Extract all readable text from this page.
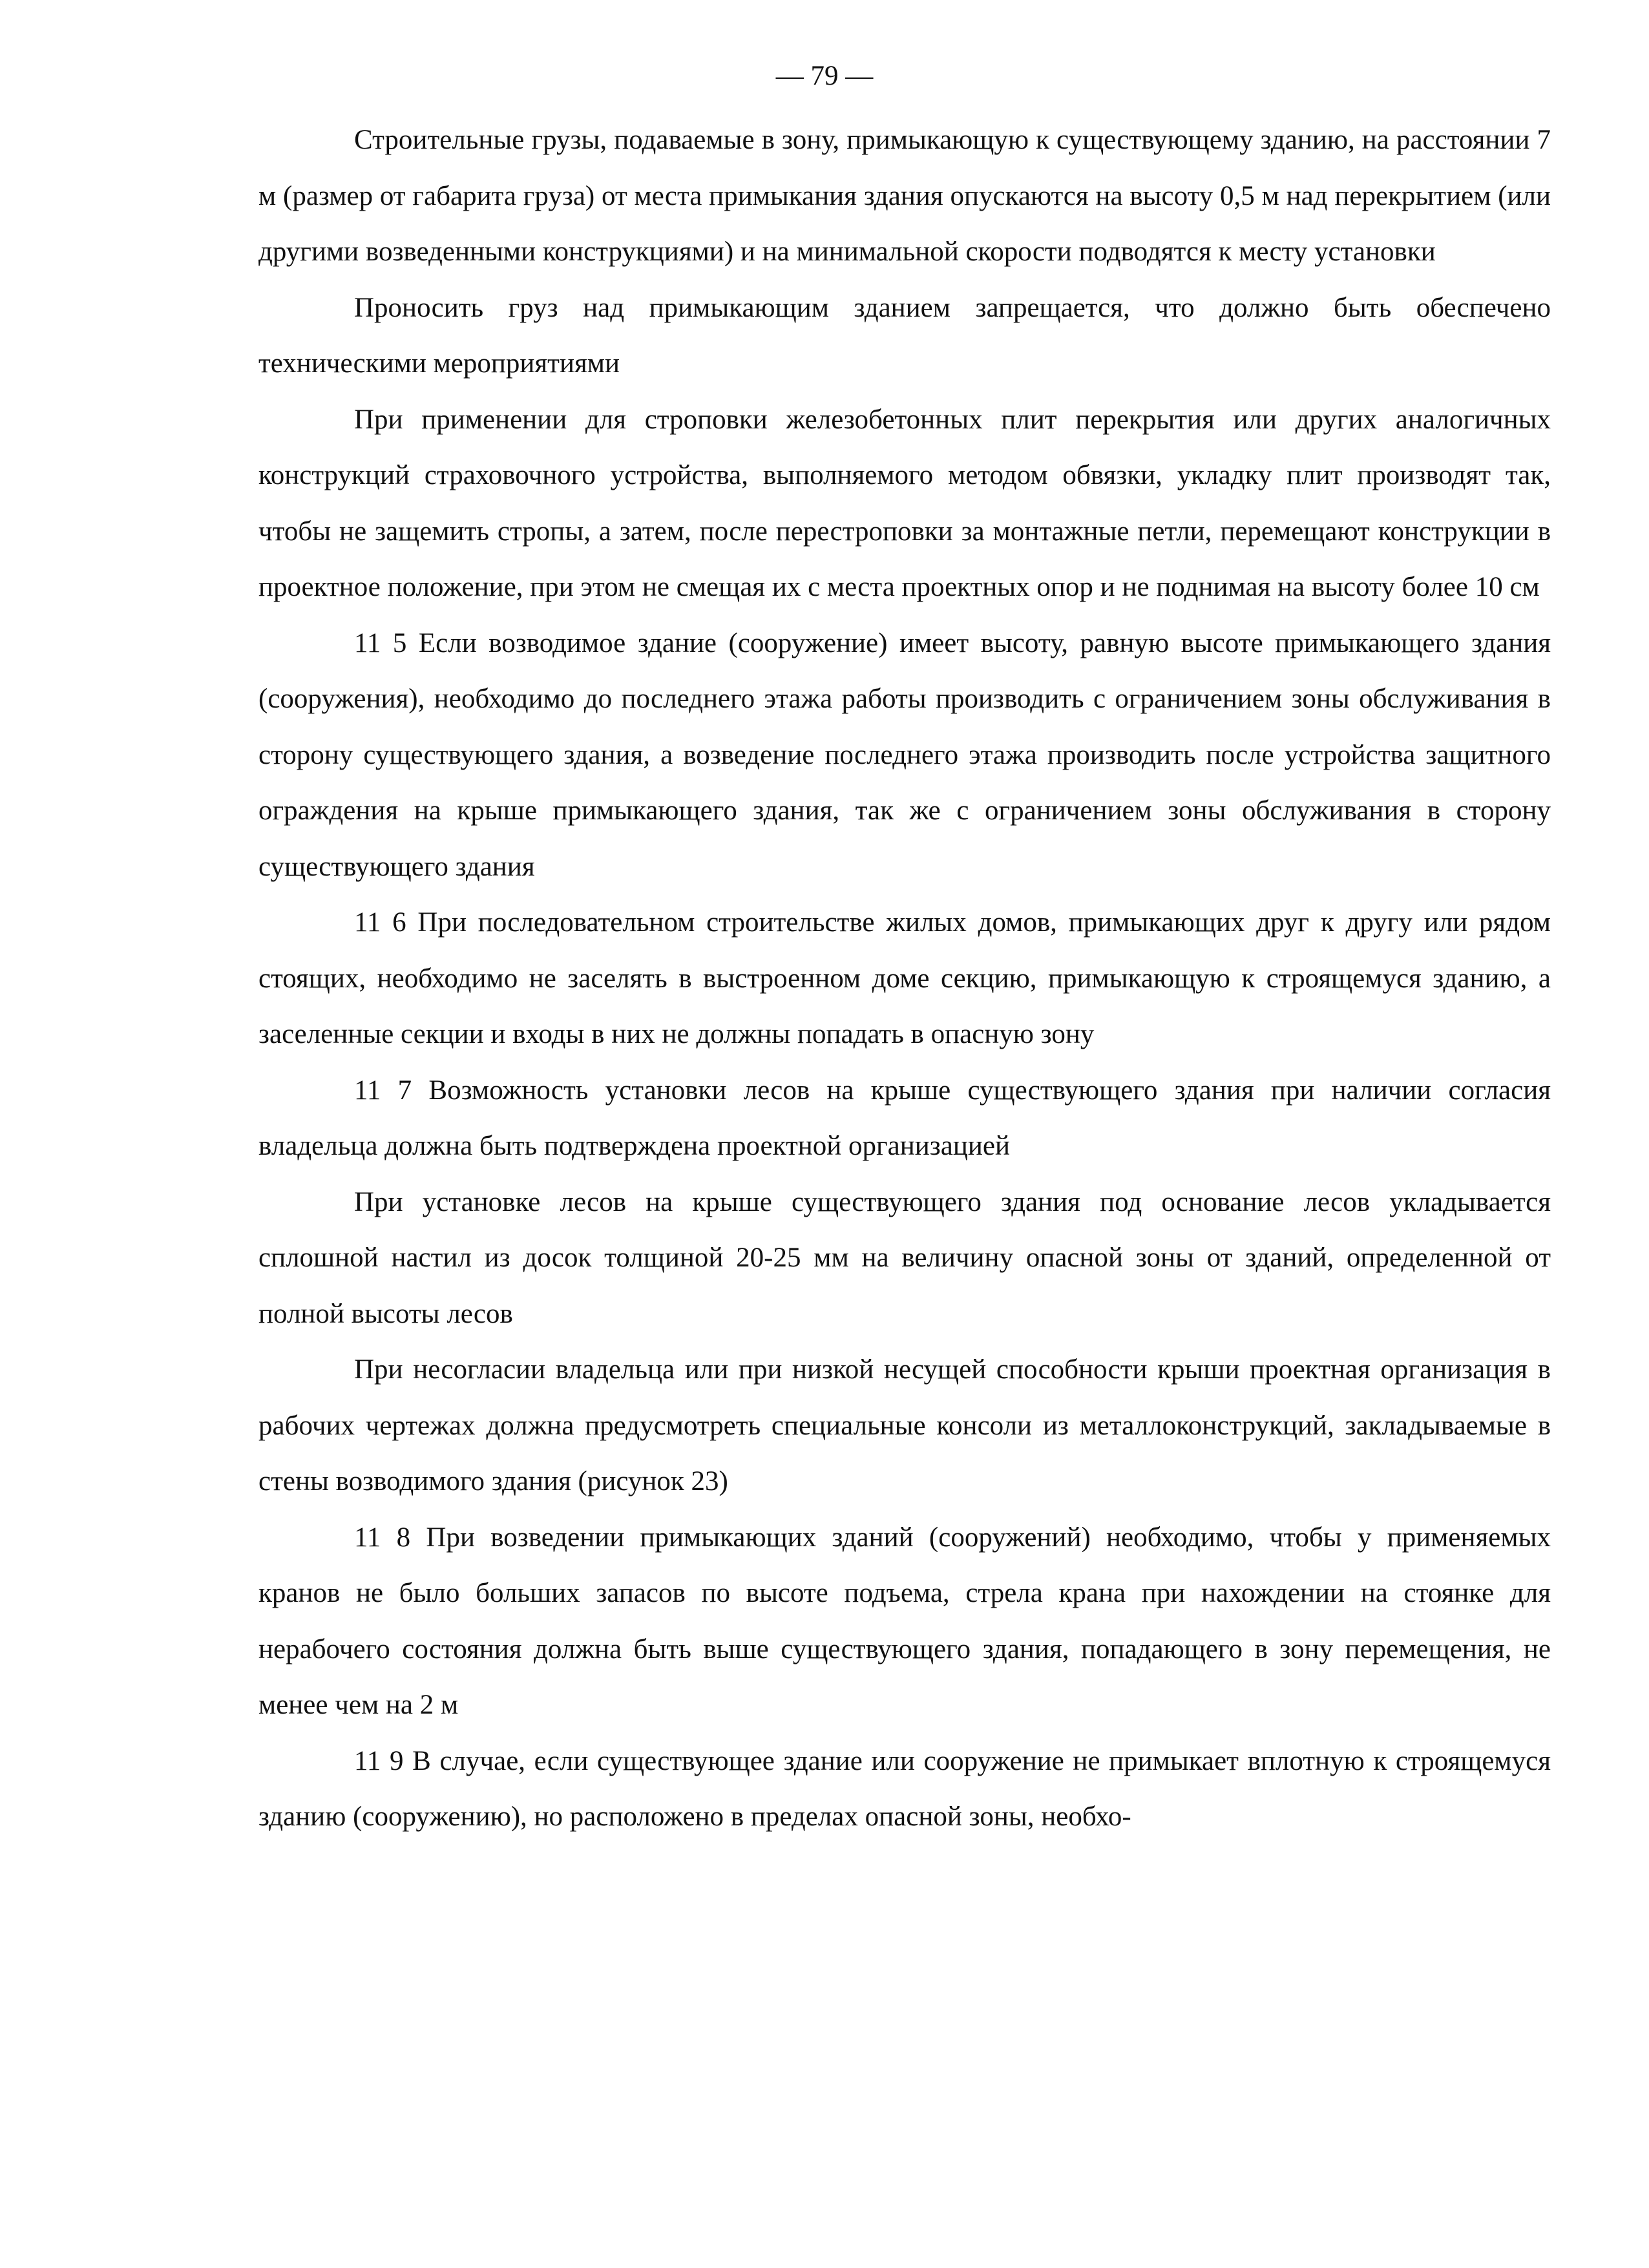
— 79 —

Строительные грузы, подаваемые в зону, примыкающую к существующему зданию, на расстоянии 7 м (размер от габарита груза) от места примыкания здания опускаются на высоту 0,5 м над перекрытием (или другими возведенными конструкциями) и на минимальной скорости подводятся к месту установки

Проносить груз над примыкающим зданием запрещается, что должно быть обеспечено техническими мероприятиями

При применении для строповки железобетонных плит перекрытия или других аналогичных конструкций страховочного устройства, выполняемого методом обвязки, укладку плит производят так, чтобы не защемить стропы, а затем, после перестроповки за монтажные петли, перемещают конструкции в проектное положение, при этом не смещая их с места проектных опор и не поднимая на высоту более 10 см

11 5 Если возводимое здание (сооружение) имеет высоту, равную высоте примыкающего здания (сооружения), необходимо до последнего этажа работы производить с ограничением зоны обслуживания в сторону существующего здания, а возведение последнего этажа производить после устройства защитного ограждения на крыше примыкающего здания, так же с ограничением зоны обслуживания в сторону существующего здания

11 6 При последовательном строительстве жилых домов, примыкающих друг к другу или рядом стоящих, необходимо не заселять в выстроенном доме секцию, примыкающую к строящемуся зданию, а заселенные секции и входы в них не должны попадать в опасную зону

11 7 Возможность установки лесов на крыше существующего здания при наличии согласия владельца должна быть подтверждена проектной организацией

При установке лесов на крыше существующего здания под основание лесов укладывается сплошной настил из досок толщиной 20-25 мм на величину опасной зоны от зданий, определенной от полной высоты лесов

При несогласии владельца или при низкой несущей способности крыши проектная организация в рабочих чертежах должна предусмотреть специальные консоли из металлоконструкций, закладываемые в стены возводимого здания (рисунок 23)

11 8 При возведении примыкающих зданий (сооружений) необходимо, чтобы у применяемых кранов не было больших запасов по высоте подъема, стрела крана при нахождении на стоянке для нерабочего состояния должна быть выше существующего здания, попадающего в зону перемещения, не менее чем на 2 м

11 9 В случае, если существующее здание или сооружение не примыкает вплотную к строящемуся зданию (сооружению), но расположено в пределах опасной зоны, необхо-
